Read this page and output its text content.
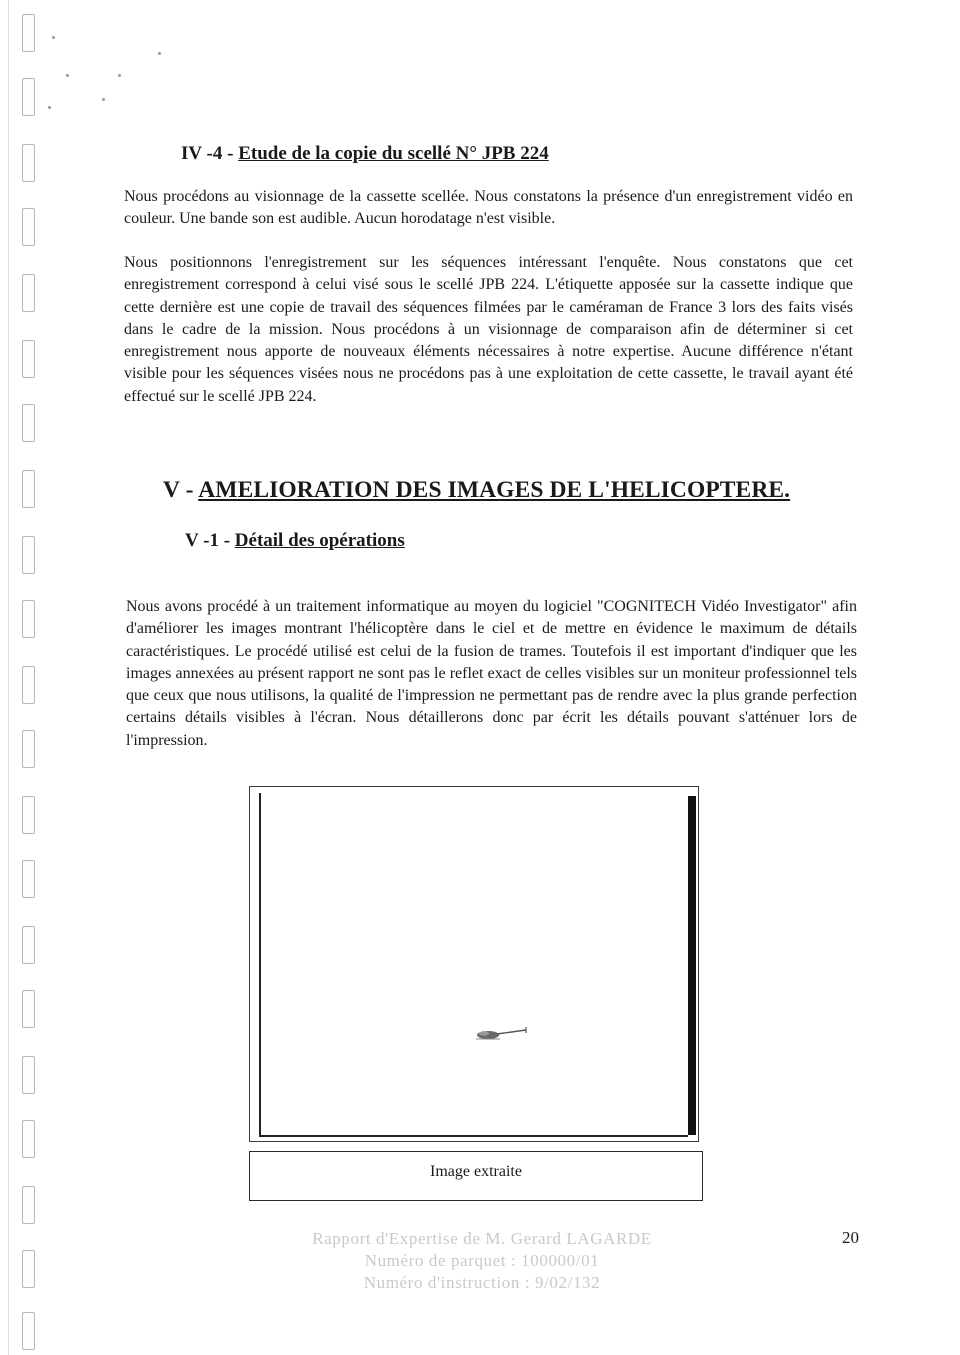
IV -4 - Etude de la copie du scellé N° JPB 224

Nous procédons au visionnage de la cassette scellée. Nous constatons la présence d'un enregistrement vidéo en couleur. Une bande son est audible. Aucun horodatage n'est visible.

Nous positionnons l'enregistrement sur les séquences intéressant l'enquête. Nous constatons que cet enregistrement correspond à celui visé sous le scellé JPB 224. L'étiquette apposée sur la cassette indique que cette dernière est une copie de travail des séquences filmées par le caméraman de France 3 lors des faits visés dans le cadre de la mission. Nous procédons à un visionnage de comparaison afin de déterminer si cet enregistrement nous apporte de nouveaux éléments nécessaires à notre expertise. Aucune différence n'étant visible pour les séquences visées nous ne procédons pas à une exploitation de cette cassette, le travail ayant été effectué sur le scellé JPB 224.

V - AMELIORATION DES IMAGES DE L'HELICOPTERE.
V -1 - Détail des opérations

Nous avons procédé à un traitement informatique au moyen du logiciel "COGNITECH Vidéo Investigator" afin d'améliorer les images montrant l'hélicoptère dans le ciel et de mettre en évidence le maximum de détails caractéristiques. Le procédé utilisé est celui de la fusion de trames. Toutefois il est important d'indiquer que les images annexées au présent rapport ne sont pas le reflet exact de celles visibles sur un moniteur professionnel tels que ceux que nous utilisons, la qualité de l'impression ne permettant pas de rendre avec la plus grande perfection certains détails visibles à l'écran. Nous détaillerons donc par écrit les détails pouvant s'atténuer lors de l'impression.

Image extraite
Rapport d'Expertise de M. Gerard LAGARDE
Numéro de parquet : 100000/01
Numéro d'instruction : 9/02/132
20
